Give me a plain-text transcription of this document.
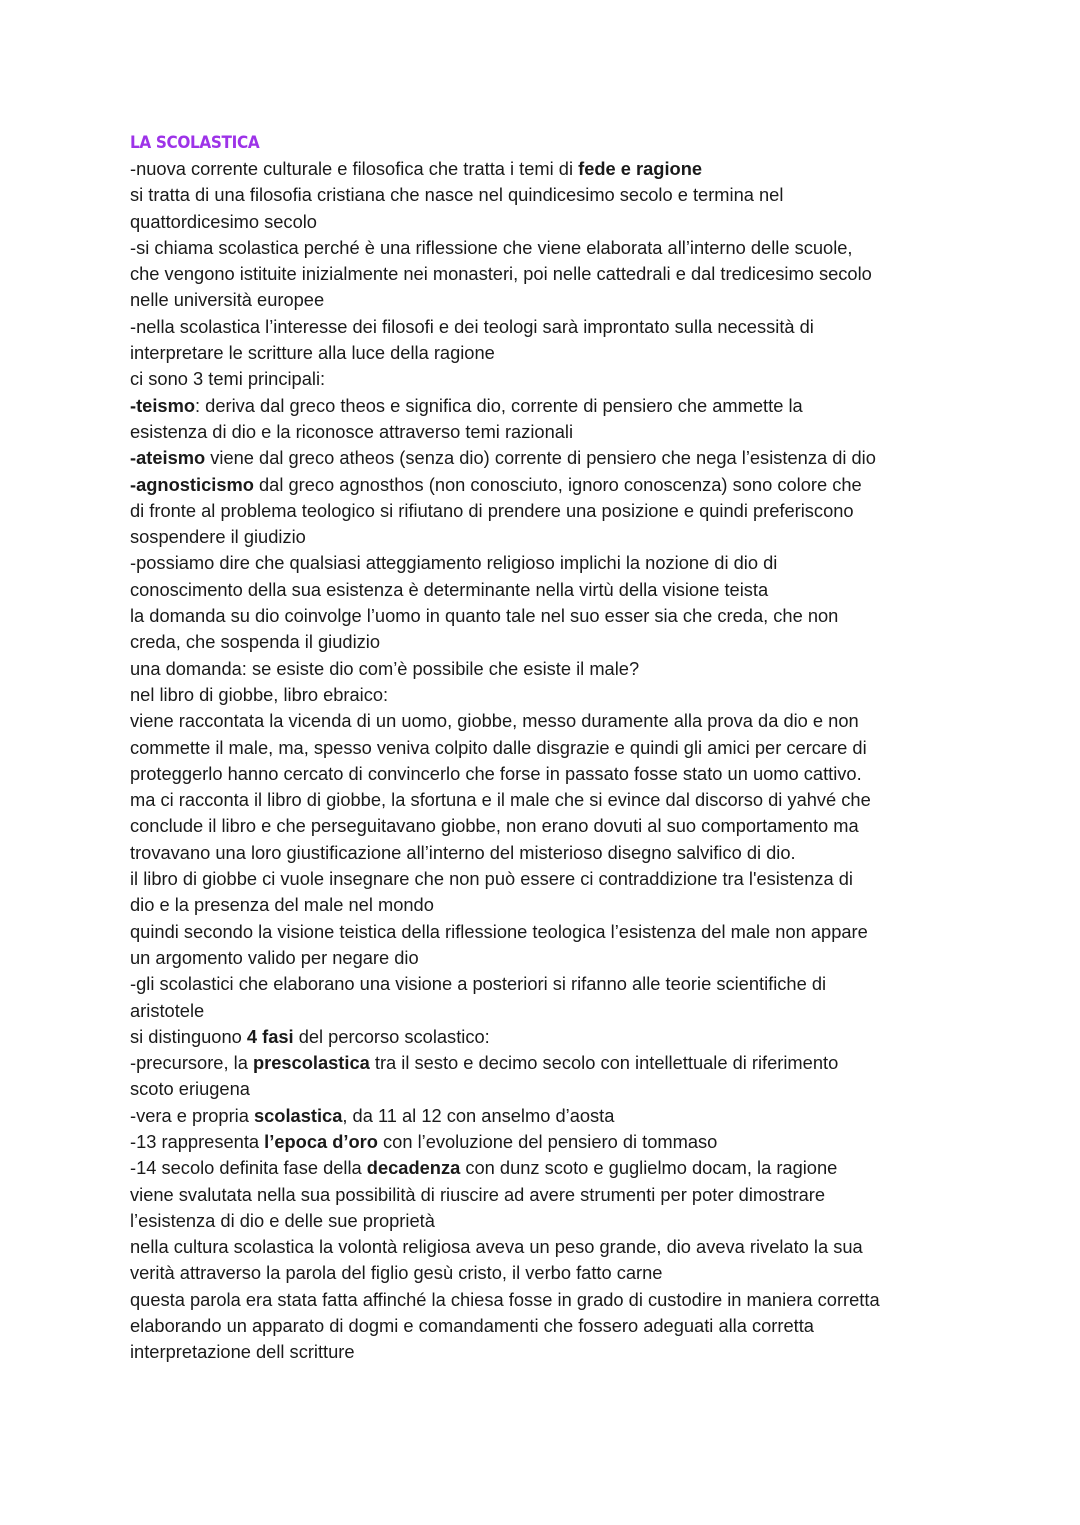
LA SCOLASTICA
-nuova corrente culturale e filosofica che tratta i temi di fede e ragione
si tratta di una filosofia cristiana che nasce nel quindicesimo secolo e termina nel
quattordicesimo secolo
-si chiama scolastica perché è una riflessione che viene elaborata all’interno delle scuole,
che vengono istituite inizialmente nei monasteri, poi nelle cattedrali e dal tredicesimo secolo
nelle università europee
-nella scolastica l’interesse dei filosofi e dei teologi sarà improntato sulla necessità di
interpretare le scritture alla luce della ragione
ci sono 3 temi principali:
-teismo: deriva dal greco theos e significa dio, corrente di pensiero che ammette la
esistenza di dio e la riconosce attraverso temi razionali
-ateismo viene dal greco atheos (senza dio) corrente di pensiero che nega l’esistenza di dio
-agnosticismo dal greco agnosthos (non conosciuto, ignoro conoscenza) sono colore che
di fronte al problema teologico si rifiutano di prendere una posizione e quindi preferiscono
sospendere il giudizio
-possiamo dire che qualsiasi atteggiamento religioso implichi la nozione di dio di
conoscimento della sua esistenza è determinante nella virtù della visione teista
la domanda su dio coinvolge l’uomo in quanto tale nel suo esser sia che creda, che non
creda, che sospenda il giudizio
una domanda: se esiste dio com’è possibile che esiste il male?
nel libro di giobbe, libro ebraico:
viene raccontata la vicenda di un uomo, giobbe, messo duramente alla prova da dio e non
commette il male, ma, spesso veniva colpito dalle disgrazie e quindi gli amici per cercare di
proteggerlo hanno cercato di convincerlo che forse in passato fosse stato un uomo cattivo.
ma ci racconta il libro di giobbe, la sfortuna e il male che si evince dal discorso di yahvé che
conclude il libro e che perseguitavano giobbe, non erano dovuti al suo comportamento ma
trovavano una loro giustificazione all’interno del misterioso disegno salvifico di dio.
il libro di giobbe ci vuole insegnare che non può essere ci contraddizione tra l'esistenza di
dio e la presenza del male nel mondo
quindi secondo la visione teistica della riflessione teologica l’esistenza del male non appare
un argomento valido per negare dio
-gli scolastici che elaborano una visione a posteriori si rifanno alle teorie scientifiche di
aristotele
si distinguono 4 fasi del percorso scolastico:
-precursore, la prescolastica tra il sesto e decimo secolo con intellettuale di riferimento
scoto eriugena
-vera e propria scolastica, da 11 al 12 con anselmo d’aosta
-13 rappresenta l’epoca d’oro con l’evoluzione del pensiero di tommaso
-14 secolo definita fase della decadenza con dunz scoto e guglielmo docam, la ragione
viene svalutata nella sua possibilità di riuscire ad avere strumenti per poter dimostrare
l’esistenza di dio e delle sue proprietà
nella cultura scolastica la volontà religiosa aveva un peso grande, dio aveva rivelato la sua
verità attraverso la parola del figlio gesù cristo, il verbo fatto carne
questa parola era stata fatta affinché la chiesa fosse in grado di custodire in maniera corretta
elaborando un apparato di dogmi e comandamenti che fossero adeguati alla corretta
interpretazione dell scritture
